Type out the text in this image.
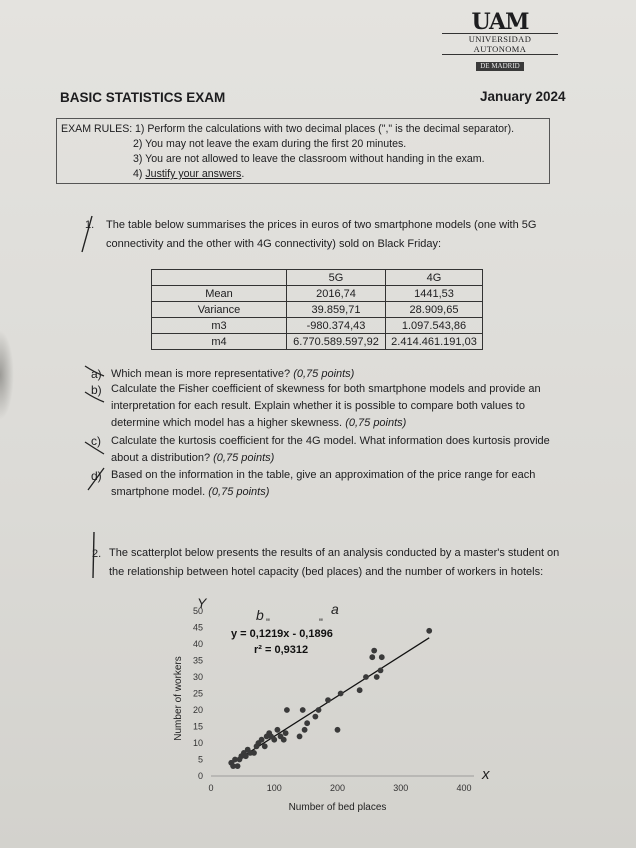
UAM
UNIVERSIDAD AUTONOMA
DE MADRID
BASIC STATISTICS EXAM	January 2024
EXAM RULES: 1) Perform the calculations with two decimal places ("," is the decimal separator).
2) You may not leave the exam during the first 20 minutes.
3) You are not allowed to leave the classroom without handing in the exam.
4) Justify your answers.
1. The table below summarises the prices in euros of two smartphone models (one with 5G
connectivity and the other with 4G connectivity) sold on Black Friday:
	5G	4G
Mean	2016,74	1441,53
Variance	39.859,71	28.909,65
m3	-980.374,43	1.097.543,86
m4	6.770.589.597,92	2.414.461.191,03
a) Which mean is more representative? (0,75 points)
b) Calculate the Fisher coefficient of skewness for both smartphone models and provide an
interpretation for each result. Explain whether it is possible to compare both values to
determine which model has a higher skewness. (0,75 points)
c) Calculate the kurtosis coefficient for the 4G model. What information does kurtosis provide
about a distribution? (0,75 points)
d) Based on the information in the table, give an approximation of the price range for each
smartphone model. (0,75 points)
2. The scatterplot below presents the results of an analysis conducted by a master's student on
the relationship between hotel capacity (bed places) and the number of workers in hotels:
0
5
10
15
20
25
30
35
40
45
50
0	100	200	300	400
Number of bed places
Number of workers
y = 0,1219x - 0,1896
r² = 0,9312
Y
b "
a
"
x
